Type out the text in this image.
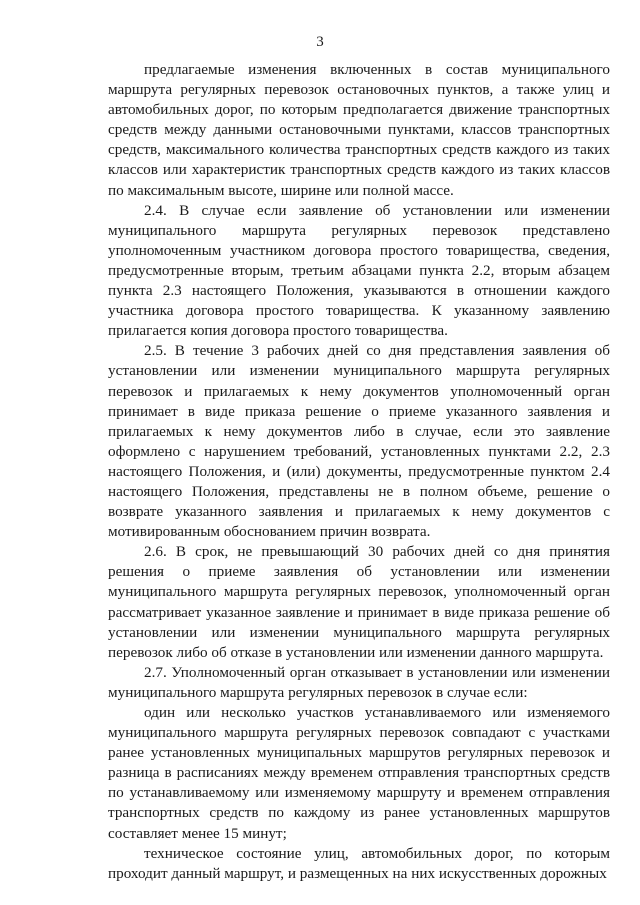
3

предлагаемые изменения включенных в состав муниципального маршрута регулярных перевозок остановочных пунктов, а также улиц и автомобильных дорог, по которым предполагается движение транспортных средств между данными остановочными пунктами, классов транспортных средств, максимального количества транспортных средств каждого из таких классов или характеристик транспортных средств каждого из таких классов по максимальным высоте, ширине или полной массе.

2.4. В случае если заявление об установлении или изменении муниципального маршрута регулярных перевозок представлено уполномоченным участником договора простого товарищества, сведения, предусмотренные вторым, третьим абзацами пункта 2.2, вторым абзацем пункта 2.3 настоящего Положения, указываются в отношении каждого участника договора простого товарищества. К указанному заявлению прилагается копия договора простого товарищества.

2.5. В течение 3 рабочих дней со дня представления заявления об установлении или изменении муниципального маршрута регулярных перевозок и прилагаемых к нему документов уполномоченный орган принимает в виде приказа решение о приеме указанного заявления и прилагаемых к нему документов либо в случае, если это заявление оформлено с нарушением требований, установленных пунктами 2.2, 2.3 настоящего Положения, и (или) документы, предусмотренные пунктом 2.4 настоящего Положения, представлены не в полном объеме, решение о возврате указанного заявления и прилагаемых к нему документов с мотивированным обоснованием причин возврата.

2.6. В срок, не превышающий 30 рабочих дней со дня принятия решения о приеме заявления об установлении или изменении муниципального маршрута регулярных перевозок, уполномоченный орган рассматривает указанное заявление и принимает в виде приказа решение об установлении или изменении муниципального маршрута регулярных перевозок либо об отказе в установлении или изменении данного маршрута.

2.7. Уполномоченный орган отказывает в установлении или изменении муниципального маршрута регулярных перевозок в случае если:

один или несколько участков устанавливаемого или изменяемого муниципального маршрута регулярных перевозок совпадают с участками ранее установленных муниципальных маршрутов регулярных перевозок и разница в расписаниях между временем отправления транспортных средств по устанавливаемому или изменяемому маршруту и временем отправления транспортных средств по каждому из ранее установленных маршрутов составляет менее 15 минут;

техническое состояние улиц, автомобильных дорог, по которым проходит данный маршрут, и размещенных на них искусственных дорожных
